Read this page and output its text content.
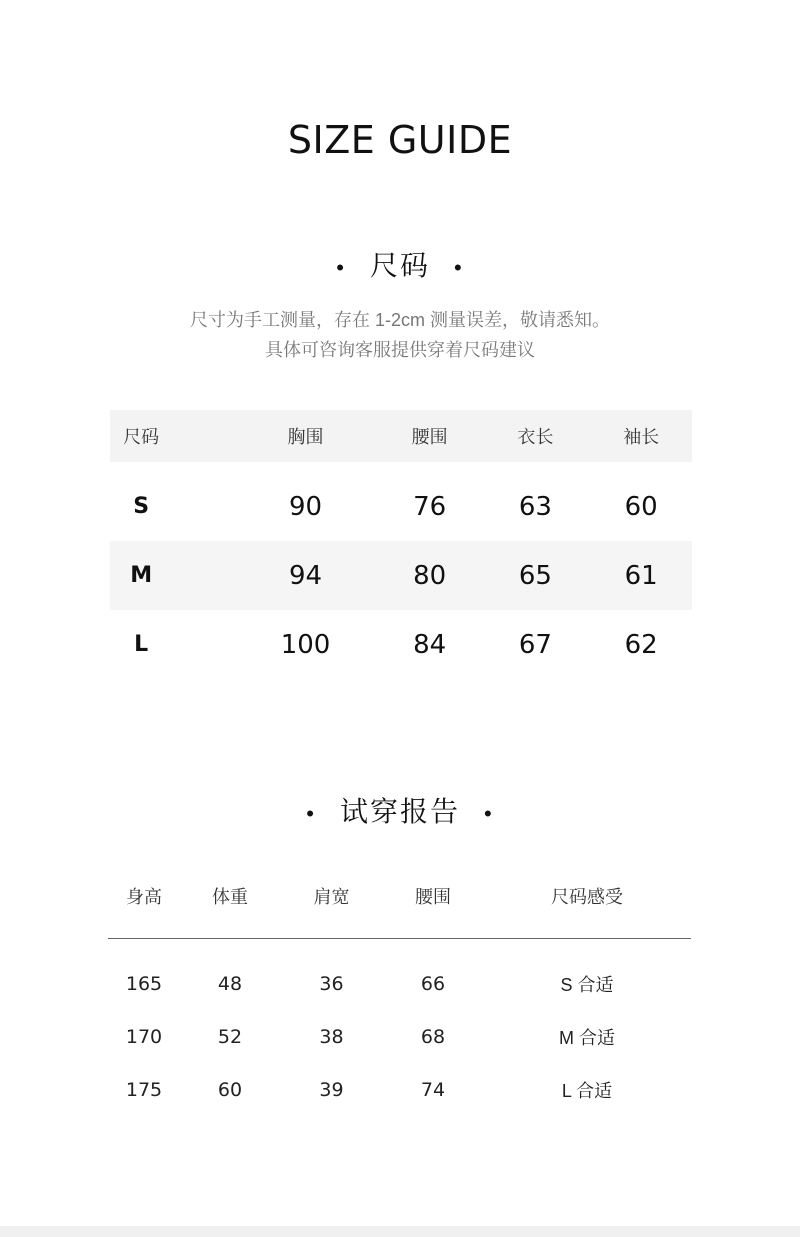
SIZE GUIDE
• 尺码 •
尺寸为手工测量，存在 1-2cm 测量误差，敬请悉知。
具体可咨询客服提供穿着尺码建议
尺码	胸围	腰围	衣长	袖长
S	90	76	63	60
M	94	80	65	61
L	100	84	67	62
• 试穿报告 •
身高	体重	肩宽	腰围	尺码感受
165	48	36	66	S 合适
170	52	38	68	M 合适
175	60	39	74	L 合适
